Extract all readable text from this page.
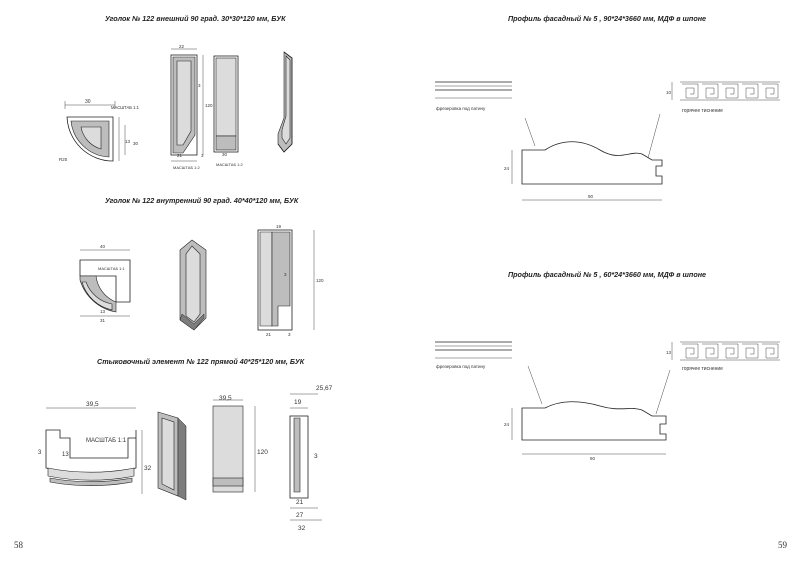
Уголок № 122 внешний 90 град. 30*30*120 мм, БУК
30
МАСШТАБ 1:1
13 30
R20
22
3
120
21	3
МАСШТАБ 1:2
30
МАСШТАБ 1:2
Уголок № 122 внутренний 90 град. 40*40*120 мм, БУК
40
МАСШТАБ 1:1
13
31
19
3
120
21	3
Стыковочный элемент № 122 прямой 40*25*120 мм, БУК
39,5
МАСШТАБ 1:1
3	13
32
39,5
120
25,67
19
3
21
27
32
58
Профиль фасадный № 5 , 90*24*3660 мм, МДФ в шпоне
фрезеровка под патину	горячее тиснение
10
24
90
Профиль фасадный № 5 , 60*24*3660 мм, МДФ в шпоне
фрезеровка под патину	горячее тиснение
13
24
60
59
